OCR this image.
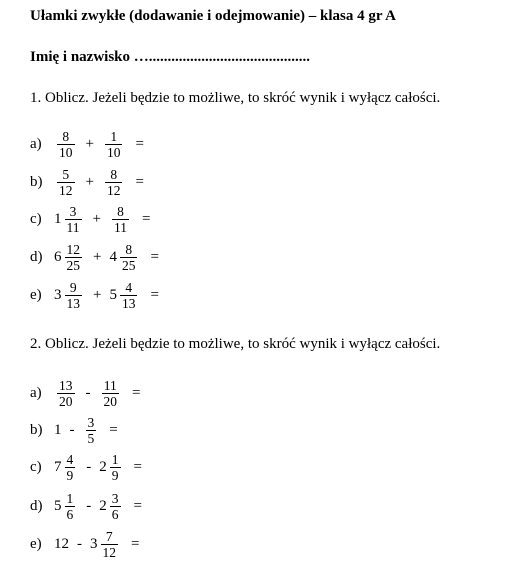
Ułamki zwykłe (dodawanie i odejmowanie) – klasa 4 gr A
Imię i nazwisko …...........................................
1. Oblicz. Jeżeli będzie to możliwe, to skróć wynik i wyłącz całości.
a)	$\frac{8}{10} + \frac{1}{10}$ =
b)	$\frac{5}{12} + \frac{8}{12}$ =
c) $1 \frac{3}{11} + \frac{8}{11}$ =
d) $6 \frac{12}{25} + 4 \frac{8}{25}$ =
e) $3 \frac{9}{13} + 5 \frac{4}{13}$ =
2. Oblicz. Jeżeli będzie to możliwe, to skróć wynik i wyłącz całości.
a)	$\frac{13}{20} - \frac{11}{20}$ =
b) $1 - \frac{3}{5}$ =
c) $7 \frac{4}{9} - 2 \frac{1}{9}$ =
d) $5 \frac{1}{6} - 2 \frac{3}{6}$ =
e) $12 - 3 \frac{7}{12}$ =
